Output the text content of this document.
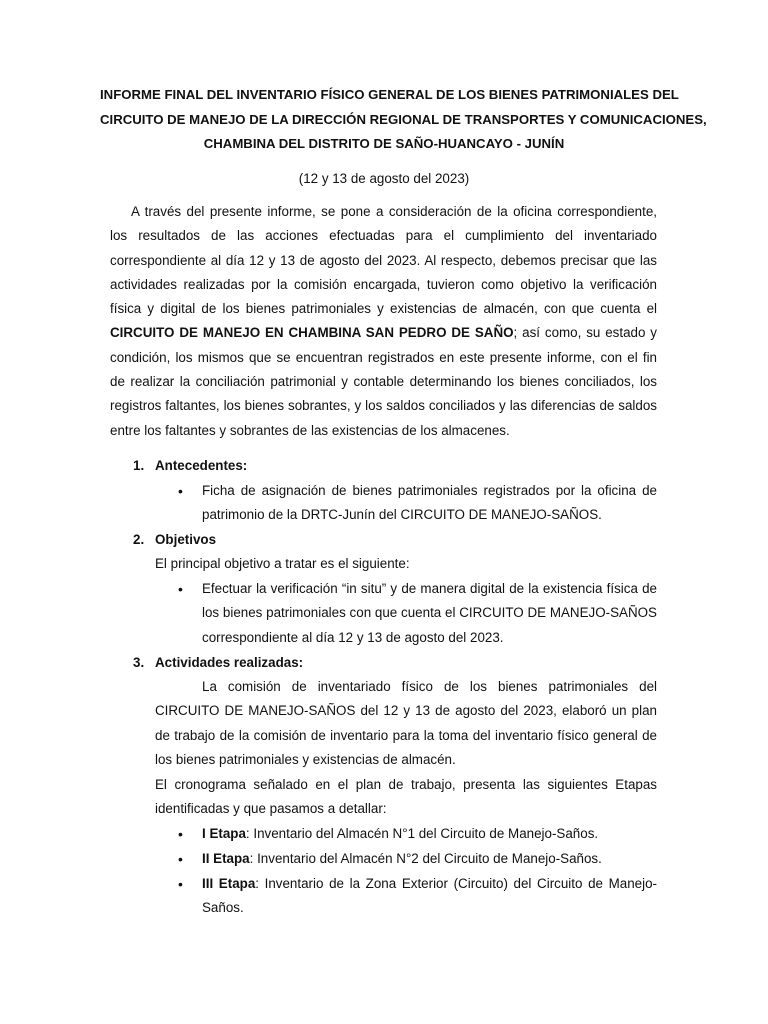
INFORME FINAL DEL INVENTARIO FÍSICO GENERAL DE LOS BIENES PATRIMONIALES DEL
CIRCUITO DE MANEJO DE LA DIRECCIÓN REGIONAL DE TRANSPORTES Y COMUNICACIONES,
CHAMBINA DEL DISTRITO DE SAÑO-HUANCAYO - JUNÍN
(12 y 13 de agosto del 2023)

A través del presente informe, se pone a consideración de la oficina correspondiente, los resultados de las acciones efectuadas para el cumplimiento del inventariado correspondiente al día 12 y 13 de agosto del 2023. Al respecto, debemos precisar que las actividades realizadas por la comisión encargada, tuvieron como objetivo la verificación física y digital de los bienes patrimoniales y existencias de almacén, con que cuenta el CIRCUITO DE MANEJO EN CHAMBINA SAN PEDRO DE SAÑO; así como, su estado y condición, los mismos que se encuentran registrados en este presente informe, con el fin de realizar la conciliación patrimonial y contable determinando los bienes conciliados, los registros faltantes, los bienes sobrantes, y los saldos conciliados y las diferencias de saldos entre los faltantes y sobrantes de las existencias de los almacenes.

1. Antecedentes:
• Ficha de asignación de bienes patrimoniales registrados por la oficina de patrimonio de la DRTC-Junín del CIRCUITO DE MANEJO-SAÑOS.
2. Objetivos
El principal objetivo a tratar es el siguiente:
• Efectuar la verificación “in situ” y de manera digital de la existencia física de los bienes patrimoniales con que cuenta el CIRCUITO DE MANEJO-SAÑOS correspondiente al día 12 y 13 de agosto del 2023.
3. Actividades realizadas:
La comisión de inventariado físico de los bienes patrimoniales del CIRCUITO DE MANEJO-SAÑOS del 12 y 13 de agosto del 2023, elaboró un plan de trabajo de la comisión de inventario para la toma del inventario físico general de los bienes patrimoniales y existencias de almacén.
El cronograma señalado en el plan de trabajo, presenta las siguientes Etapas identificadas y que pasamos a detallar:
• I Etapa: Inventario del Almacén N°1 del Circuito de Manejo-Saños.
• II Etapa: Inventario del Almacén N°2 del Circuito de Manejo-Saños.
• III Etapa: Inventario de la Zona Exterior (Circuito) del Circuito de Manejo-Saños.
